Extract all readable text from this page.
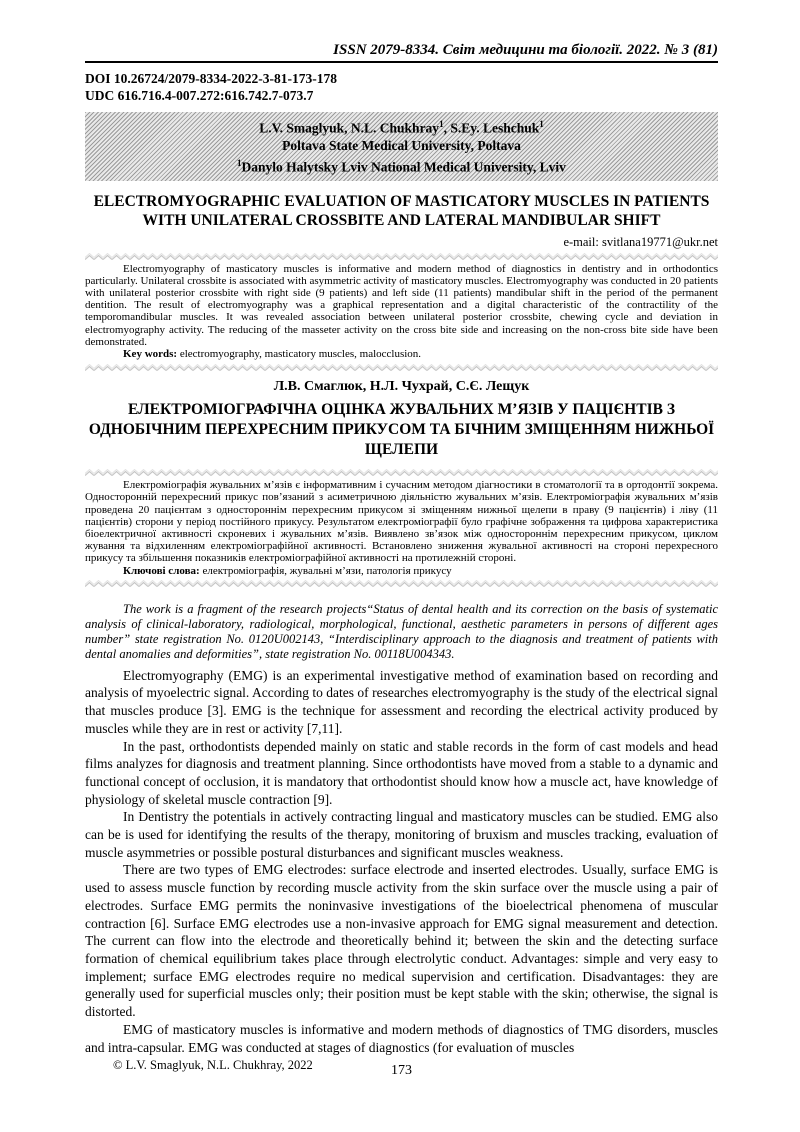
ISSN 2079-8334. Світ медицини та біології. 2022. № 3 (81)
DOI 10.26724/2079-8334-2022-3-81-173-178
UDC 616.716.4-007.272:616.742.7-073.7
L.V. Smaglyuk, N.L. Chukhray$^1$, S.Ey. Leshchuk$^1$
Poltava State Medical University, Poltava
$^1$Danylo Halytsky Lviv National Medical University, Lviv
ELECTROMYOGRAPHIC EVALUATION OF MASTICATORY MUSCLES IN PATIENTS WITH UNILATERAL CROSSBITE AND LATERAL MANDIBULAR SHIFT
e-mail: svitlana19771@ukr.net

Electromyography of masticatory muscles is informative and modern method of diagnostics in dentistry and in orthodontics particularly. Unilateral crossbite is associated with asymmetric activity of masticatory muscles. Electromyography was conducted in 20 patients with unilateral posterior crossbite with right side (9 patients) and left side (11 patients) mandibular shift in the period of the permanent dentition. The result of electromyography was a graphical representation and a digital characteristic of the contractility of the temporomandibular muscles. It was revealed association between unilateral posterior crossbite, chewing cycle and deviation in electromyography activity. The reducing of the masseter activity on the cross bite side and increasing on the non-cross bite side have been demonstrated.

Key words: electromyography, masticatory muscles, malocclusion.
Л.В. Смаглюк, Н.Л. Чухрай, С.Є. Лещук
ЕЛЕКТРОМІОГРАФІЧНА ОЦІНКА ЖУВАЛЬНИХ М’ЯЗІВ У ПАЦІЄНТІВ З ОДНОБІЧНИМ ПЕРЕХРЕСНИМ ПРИКУСОМ ТА БІЧНИМ ЗМІЩЕННЯМ НИЖНЬОЇ ЩЕЛЕПИ

Електроміографія жувальних м’язів є інформативним і сучасним методом діагностики в стоматології та в ортодонтії зокрема. Односторонній перехресний прикус пов’язаний з асиметричною діяльністю жувальних м’язів. Електроміографія жувальних м’язів проведена 20 пацієнтам з одностороннім перехресним прикусом зі зміщенням нижньої щелепи в праву (9 пацієнтів) і ліву (11 пацієнтів) сторони у період постійного прикусу. Результатом електроміографії було графічне зображення та цифрова характеристика біоелектричної активності скроневих і жувальних м’язів. Виявлено зв’язок між одностороннім перехресним прикусом, циклом жування та відхиленням електроміографійної активності. Встановлено зниження жувальної активності на стороні перехресного прикусу та збільшення показників електроміографійної активності на протилежній стороні.

Ключові слова: електроміографія, жувальні м’язи, патологія прикусу

The work is a fragment of the research projects“Status of dental health and its correction on the basis of systematic analysis of clinical-laboratory, radiological, morphological, functional, aesthetic parameters in persons of different ages number” state registration No. 0120U002143, “Interdisciplinary approach to the diagnosis and treatment of patients with dental anomalies and deformities”, state registration No. 00118U004343.

Electromyography (EMG) is an experimental investigative method of examination based on recording and analysis of myoelectric signal. According to dates of researches electromyography is the study of the electrical signal that muscles produce [3]. EMG is the technique for assessment and recording the electrical activity produced by muscles while they are in rest or activity [7,11].

In the past, orthodontists depended mainly on static and stable records in the form of cast models and head films analyzes for diagnosis and treatment planning. Since orthodontists have moved from a stable to a dynamic and functional concept of occlusion, it is mandatory that orthodontist should know how a muscle act, have knowledge of physiology of skeletal muscle contraction [9].

In Dentistry the potentials in actively contracting lingual and masticatory muscles can be studied. EMG also can be is used for identifying the results of the therapy, monitoring of bruxism and muscles tracking, evaluation of muscle asymmetries or possible postural disturbances and significant muscles weakness.

There are two types of EMG electrodes: surface electrode and inserted electrodes. Usually, surface EMG is used to assess muscle function by recording muscle activity from the skin surface over the muscle using a pair of electrodes. Surface EMG permits the noninvasive investigations of the bioelectrical phenomena of muscular contraction [6]. Surface EMG electrodes use a non-invasive approach for EMG signal measurement and detection. The current can flow into the electrode and theoretically behind it; between the skin and the detecting surface formation of chemical equilibrium takes place through electrolytic conduct. Advantages: simple and very easy to implement; surface EMG electrodes require no medical supervision and certification. Disadvantages: they are generally used for superficial muscles only; their position must be kept stable with the skin; otherwise, the signal is distorted.

EMG of masticatory muscles is informative and modern methods of diagnostics of TMG disorders, muscles and intra-capsular. EMG was conducted at stages of diagnostics (for evaluation of muscles

© L.V. Smaglyuk, N.L. Chukhray, 2022	173
